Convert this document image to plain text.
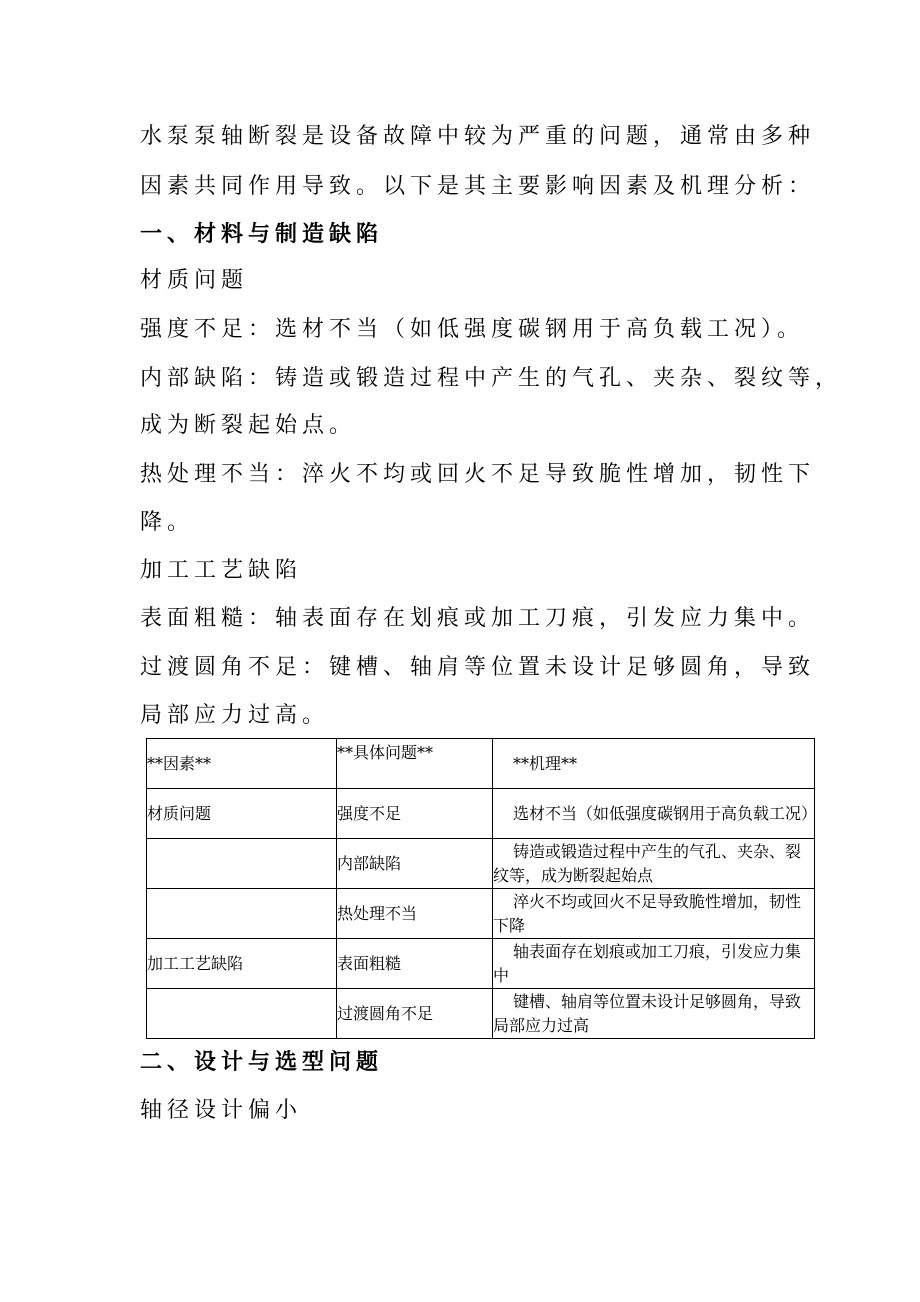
水泵泵轴断裂是设备故障中较为严重的问题，通常由多种
因素共同作用导致。以下是其主要影响因素及机理分析：
一、材料与制造缺陷
材质问题
强度不足：选材不当（如低强度碳钢用于高负载工况）。
内部缺陷：铸造或锻造过程中产生的气孔、夹杂、裂纹等，
成为断裂起始点。
热处理不当：淬火不均或回火不足导致脆性增加，韧性下
降。
加工工艺缺陷
表面粗糙：轴表面存在划痕或加工刀痕，引发应力集中。
过渡圆角不足：键槽、轴肩等位置未设计足够圆角，导致
局部应力过高。
**因素**	**具体问题**	**机理**
材质问题	强度不足	选材不当（如低强度碳钢用于高负载工况）
	内部缺陷	铸造或锻造过程中产生的气孔、夹杂、裂纹等，成为断裂起始点
	热处理不当	淬火不均或回火不足导致脆性增加，韧性下降
加工工艺缺陷	表面粗糙	轴表面存在划痕或加工刀痕，引发应力集中
	过渡圆角不足	键槽、轴肩等位置未设计足够圆角，导致局部应力过高
二、设计与选型问题
轴径设计偏小
